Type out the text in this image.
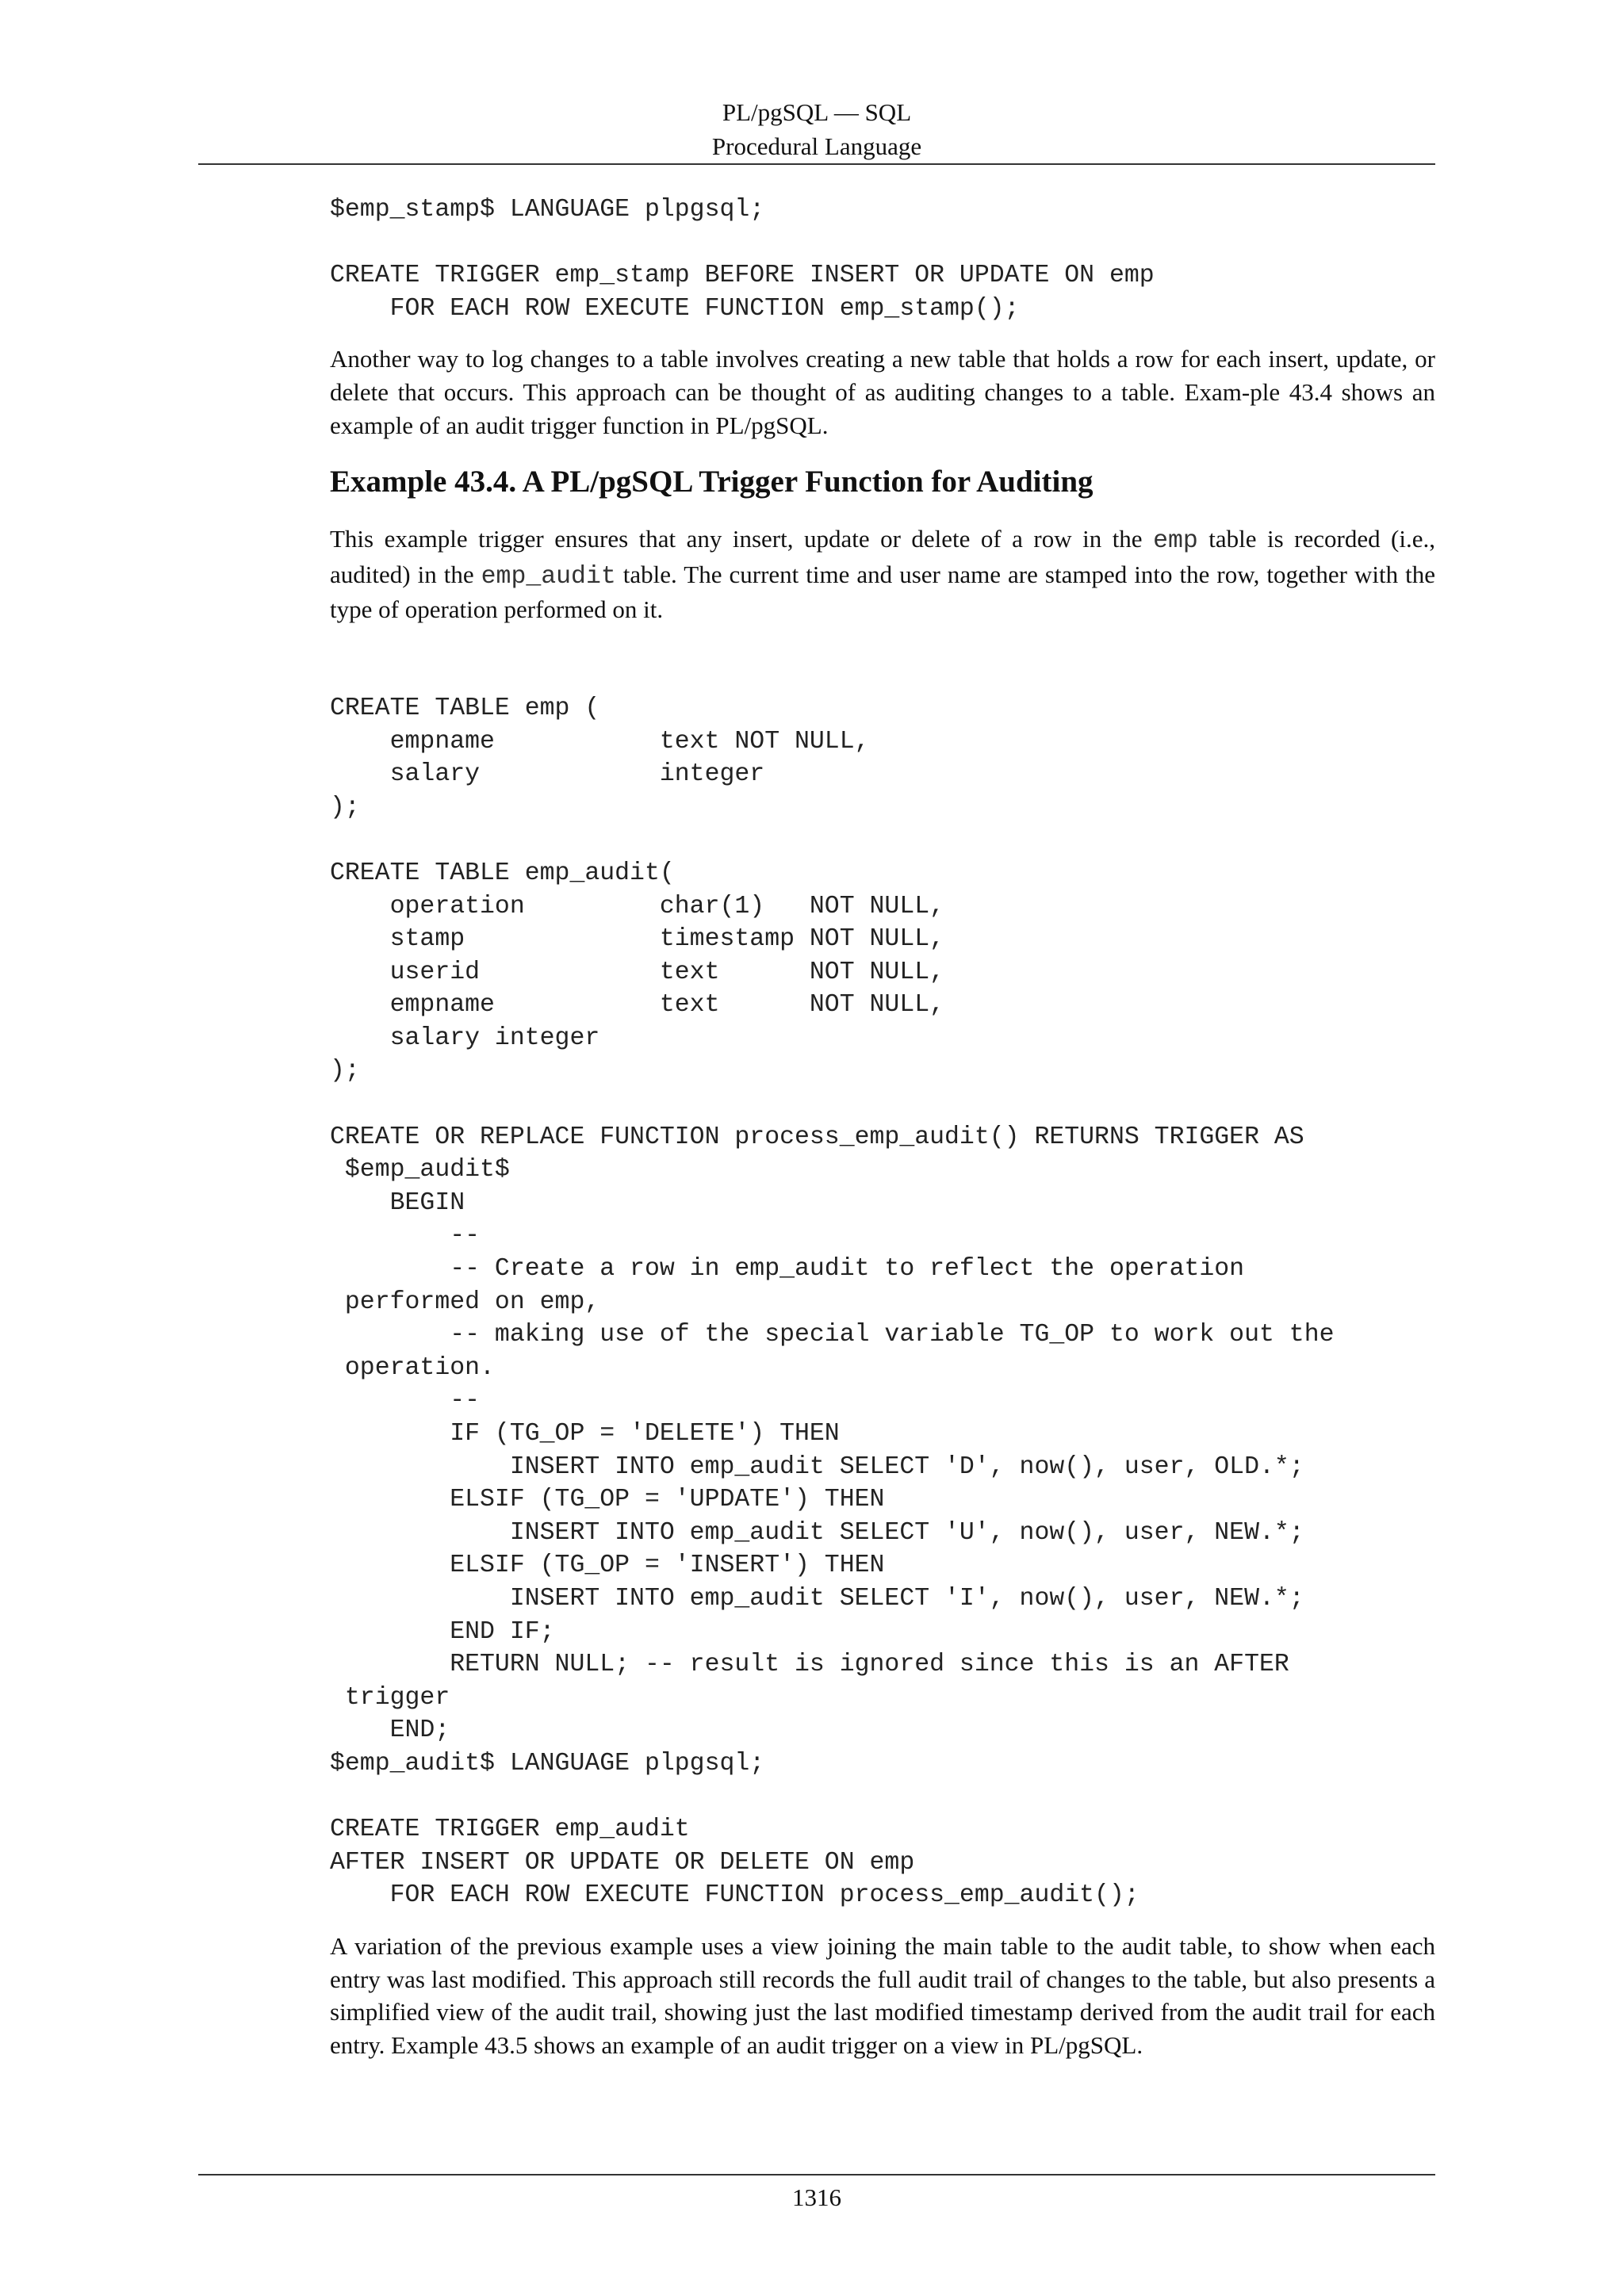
PL/pgSQL — SQL
Procedural Language
$emp_stamp$ LANGUAGE plpgsql;

CREATE TRIGGER emp_stamp BEFORE INSERT OR UPDATE ON emp
FOR EACH ROW EXECUTE FUNCTION emp_stamp();

Another way to log changes to a table involves creating a new table that holds a row for each insert, update, or delete that occurs. This approach can be thought of as auditing changes to a table. Exam-ple 43.4 shows an example of an audit trigger function in PL/pgSQL.

Example 43.4. A PL/pgSQL Trigger Function for Auditing

This example trigger ensures that any insert, update or delete of a row in the emp table is recorded (i.e., audited) in the emp_audit table. The current time and user name are stamped into the row, together with the type of operation performed on it.

CREATE TABLE emp (
empname           text NOT NULL,
salary            integer
);

CREATE TABLE emp_audit(
operation         char(1)   NOT NULL,
stamp             timestamp NOT NULL,
userid            text      NOT NULL,
empname           text      NOT NULL,
salary integer
);

CREATE OR REPLACE FUNCTION process_emp_audit() RETURNS TRIGGER AS
$emp_audit$
BEGIN
--
-- Create a row in emp_audit to reflect the operation
performed on emp,
-- making use of the special variable TG_OP to work out the
operation.
--
IF (TG_OP = 'DELETE') THEN
INSERT INTO emp_audit SELECT 'D', now(), user, OLD.*;
ELSIF (TG_OP = 'UPDATE') THEN
INSERT INTO emp_audit SELECT 'U', now(), user, NEW.*;
ELSIF (TG_OP = 'INSERT') THEN
INSERT INTO emp_audit SELECT 'I', now(), user, NEW.*;
END IF;
RETURN NULL; -- result is ignored since this is an AFTER
trigger
END;
$emp_audit$ LANGUAGE plpgsql;

CREATE TRIGGER emp_audit
AFTER INSERT OR UPDATE OR DELETE ON emp
FOR EACH ROW EXECUTE FUNCTION process_emp_audit();

A variation of the previous example uses a view joining the main table to the audit table, to show when each entry was last modified. This approach still records the full audit trail of changes to the table, but also presents a simplified view of the audit trail, showing just the last modified timestamp derived from the audit trail for each entry. Example 43.5 shows an example of an audit trigger on a view in PL/pgSQL.

1316
